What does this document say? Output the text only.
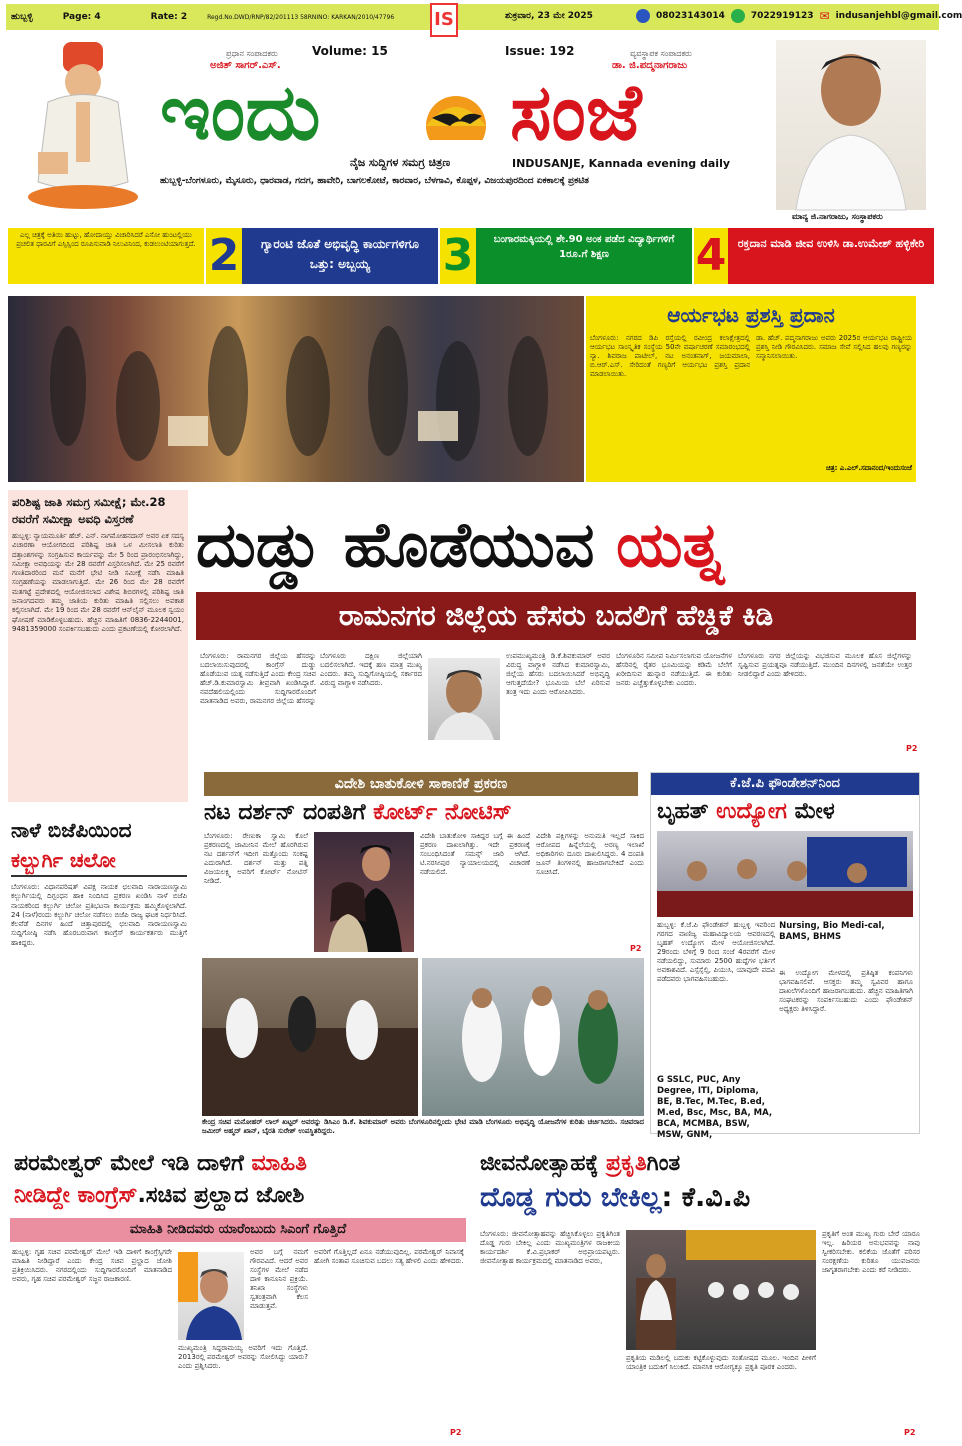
ಹುಬ್ಬಳ್ಳಿ	Page: 4	Rate: 2	Regd.No.DWD/RNP/82/201113 58RNINO: KARKAN/2010/47796 IS	ಶುಕ್ರವಾರ, 23 ಮೇ 2025	08023143014	7022919123 ✉ indusanjehbl@gmail.com
ಪ್ರಧಾನ ಸಂಪಾದಕರು
ಅಜಿತ್ ಸಾಗರ್.ಎಸ್.
Volume: 15	Issue: 192	ವ್ಯವಸ್ಥಾಪಕ ಸಂಪಾದಕರು
ಡಾ. ಜಿ.ಪದ್ಮನಾಗರಾಜು
ಇಂದು ಸಂಜೆ
ನೈಜ ಸುದ್ದಿಗಳ ಸಮಗ್ರ ಚಿತ್ರಣ	INDUSANJE, Kannada evening daily
ಹುಬ್ಬಳ್ಳಿ-ಬೆಂಗಳೂರು, ಮೈಸೂರು, ಧಾರವಾಡ, ಗದಗ, ಹಾವೇರಿ, ಬಾಗಲಕೋಟೆ, ಕಾರವಾರ, ಬೆಳಗಾವಿ, ಕೊಪ್ಪಳ, ವಿಜಯಪುರದಿಂದ ಏಕಕಾಲಕ್ಕೆ ಪ್ರಕಟಿತ
ಮಾನ್ಯ ಜಿ.ನಾಗರಾಜು, ಸಂಸ್ಥಾಪಕರು
ಎಲ್ಲ ಚಿತ್ರಕ್ಕೆ ಅತಿಯಿ ಹುಟ್ಟು, ಹೋದಾಯ್ತು ವಿಚಾರಿಸಿದರೆ ಎಸೋ ಹುಂಟಲ್ಲಿಯು ಪ್ರಚಲಿತ ಧಾರವಿಗೆ ಎಸ್ಸಿಸ್ಸಿಂದ ರೂಪಿಸುವಾಡಿ ನಿಲುವಿನಿಂದ, ಕುಡಲುಂಟಿಯಾಗುತ್ತದೆ. 2	ಗ್ಯಾರಂಟಿ ಜೊತೆ ಅಭಿವೃದ್ಧಿ ಕಾರ್ಯಗಳಿಗೂ ಒತ್ತು: ಅಬ್ಬಯ್ಯ	3	ಬಂಗಾರಮಕ್ಕಿಯಲ್ಲಿ ಶೇ.90 ಅಂಕ ಪಡೆದ ವಿದ್ಯಾರ್ಥಿಗಳಿಗೆ 1ರೂ.ಗೆ ಶಿಕ್ಷಣ	4	ರಕ್ತದಾನ ಮಾಡಿ ಜೀವ ಉಳಿಸಿ ಡಾ.ಉಮೇಶ್ ಹಳ್ಳಿಕೇರಿ
ಆರ್ಯಭಟ ಪ್ರಶಸ್ತಿ ಪ್ರದಾನ
ಬೆಂಗಳೂರು: ನಗರದ ಡಿಪಿ ರಸ್ತೆಯಲ್ಲಿ ರವೀಂದ್ರ ಕಲಾಕ್ಷೇತ್ರದಲ್ಲಿ ಆರ್ಯಭಟ ಸಾಂಸ್ಕೃತಿಕ ಸಂಸ್ಥೆಯ 50ನೇ ವರ್ಷಾಚರಣೆ ಸಮಾರಂಭದಲ್ಲಿ ನ್ಯಾ. ಶಿವರಾಜ ಪಾಟೀಲ್, ನಟ ಅನಂತನಾಗ್, ಜಯಮಾಲಾ, ಬಿ.ಆರ್.ಎಸ್. ಸೇರಿದಂತೆ ಗಣ್ಯರಿಗೆ ಆರ್ಯಭಟ ಪ್ರಶಸ್ತಿ ಪ್ರದಾನ ಮಾಡಲಾಯಿತು.
ಡಾ. ಹೆಚ್. ಪದ್ಮನಾಗರಾಜು ಅವರು 2025ರ ಆರ್ಯಭಟ ರಾಷ್ಟ್ರೀಯ ಪ್ರಶಸ್ತಿ ನೀಡಿ ಗೌರವಿಸಿದರು. ಸಮಾಜ ಸೇವೆ ಸಲ್ಲಿಸಿದ ಹಲವು ಗಣ್ಯರನ್ನು ಸನ್ಮಾನಿಸಲಾಯಿತು.
ಚಿತ್ರ: ಎ.ಎಲ್.ಸದಾನಂದ/ಇಂದುಸಂಜೆ
ಪರಿಶಿಷ್ಟ ಜಾತಿ ಸಮಗ್ರ ಸಮೀಕ್ಷೆ; ಮೇ.28 ರವರೆಗೆ ಸಮೀಕ್ಷಾ ಅವಧಿ ವಿಸ್ತರಣೆ
ಹುಬ್ಬಳ್ಳಿ: ನ್ಯಾಯಮೂರ್ತಿ ಹೆಚ್. ಎನ್. ನಾಗಮೋಹನದಾಸ್ ಅವರ ಏಕ ಸದಸ್ಯ ವಿಚಾರಣಾ ಆಯೋಗದಿಂದ ಪರಿಶಿಷ್ಟ ಜಾತಿ ಒಳ ಮೀಸಲಾತಿ ಕುರಿತು ದತ್ತಾಂಶಗಳನ್ನು ಸಂಗ್ರಹಿಸುವ ಕಾರ್ಯವನ್ನು ಮೇ 5 ರಿಂದ ಪ್ರಾರಂಭಿಸಲಾಗಿದ್ದು, ಸಮೀಕ್ಷಾ ಅವಧಿಯನ್ನು ಮೇ 28 ರವರೆಗೆ ವಿಸ್ತರಿಸಲಾಗಿದೆ. ಮೇ 25 ರವರೆಗೆ ಗಣತಿದಾರರಿಂದ ಮನೆ ಮನೆಗೆ ಭೇಟಿ ನೀಡಿ ಸಮೀಕ್ಷೆ ನಡೆಸಿ ಮಾಹಿತಿ ಸಂಗ್ರಹಣೆಯನ್ನು ಮಾಡಲಾಗುತ್ತಿದೆ. ಮೇ 26 ರಿಂದ ಮೇ 28 ರವರೆಗೆ ಮತಗಟ್ಟೆ ಪ್ರದೇಶದಲ್ಲಿ ಆಯೋಜಿಸಲಾದ ವಿಶೇಷ ಶಿಬಿರಗಳಲ್ಲಿ ಪರಿಶಿಷ್ಟ ಜಾತಿ ಜನಾಂಗದವರು ತಮ್ಮ ಜಾತಿಯ ಕುರಿತು ಮಾಹಿತಿ ಸಲ್ಲಿಸಲು ಅವಕಾಶ ಕಲ್ಪಿಸಲಾಗಿದೆ. ಮೇ 19 ರಿಂದ ಮೇ 28 ರವರೆಗೆ ಆನ್‌ಲೈನ್ ಮೂಲಕ ಸ್ವಯಂ ಘೋಷಣೆ ಮಾಡಿಕೊಳ್ಳಬಹುದು. ಹೆಚ್ಚಿನ ಮಾಹಿತಿಗೆ 0836-2244001, 9481359000 ಸಂಪರ್ಕಿಸಬಹುದು ಎಂದು ಪ್ರಕಟಣೆಯಲ್ಲಿ ಕೋರಲಾಗಿದೆ.
ನಾಳೆ ಬಿಜೆಪಿಯಿಂದ
ಕಲ್ಬುರ್ಗಿ ಚಲೋ
ಬೆಂಗಳೂರು: ವಿಧಾನಪರಿಷತ್ ವಿಪಕ್ಷ ನಾಯಕ ಛಲವಾದಿ ನಾರಾಯಣಸ್ವಾಮಿ ಕಲ್ಬುರ್ಗಿಯಲ್ಲಿ ದಿಗ್ಬಂಧನ ಹಾಕಿ ನಿಂದಿಸಿದ ಪ್ರಕರಣ ಖಂಡಿಸಿ ನಾಳೆ ಬಿಜೆಪಿ ನಾಯಕರಿಂದ ಕಲ್ಬುರ್ಗಿ ಚಲೋ ಪ್ರತಿಭಟನಾ ಕಾರ್ಯಕ್ರಮ ಹಮ್ಮಿಕೊಳ್ಳಲಾಗಿದೆ. 24 (ನಾಳೆ)ರಂದು ಕಲ್ಬುರ್ಗಿ ಚಲೋ ನಡೆಸಲು ಬಿಜೆಪಿ ರಾಜ್ಯ ಘಟಕ ನಿರ್ಧರಿಸಿದೆ. ಕೆಲವೆಡೆ ದಿನಗಳ ಹಿಂದೆ ಚಿತ್ತಾಪುರದಲ್ಲಿ ಛಲವಾದಿ ನಾರಾಯಣಸ್ವಾಮಿ ಸುದ್ದಿಗೋಷ್ಠಿ ನಡೆಸಿ ಹೊರಬರುವಾಗ ಕಾಂಗ್ರೆಸ್ ಕಾರ್ಯಕರ್ತರು ಮುತ್ತಿಗೆ ಹಾಕಿದ್ದರು.
ದುಡ್ಡು ಹೊಡೆಯುವ ಯತ್ನ
ರಾಮನಗರ ಜಿಲ್ಲೆಯ ಹೆಸರು ಬದಲಿಗೆ ಹೆಚ್ಡಿಕೆ ಕಿಡಿ
ಬೆಂಗಳೂರು: ರಾಮನಗರ ಜಿಲ್ಲೆಯ ಹೆಸರನ್ನು ಬದಲಾಯಿಸುವುದರಲ್ಲಿ ಕಾಂಗ್ರೆಸ್ ದುಡ್ಡು ಹೊಡೆಯುವ ಯತ್ನ ನಡೆಸುತ್ತಿದೆ ಎಂದು ಕೇಂದ್ರ ಸಚಿವ ಹೆಚ್.ಡಿ.ಕುಮಾರಸ್ವಾಮಿ ತೀವ್ರವಾಗಿ ಖಂಡಿಸಿದ್ದಾರೆ. ನವದೆಹಲಿಯಲ್ಲಿಂದು ಸುದ್ದಿಗಾರರೊಂದಿಗೆ ಮಾತನಾಡಿದ ಅವರು, ರಾಮನಗರ ಜಿಲ್ಲೆಯ ಹೆಸರನ್ನು
ಬೆಂಗಳೂರು ದಕ್ಷಿಣ ಜಿಲ್ಲೆಯಾಗಿ ಬದಲಿಸಲಾಗಿದೆ. ಇದಕ್ಕೆ ಹಣ ಮಾತ್ರ ಮುಖ್ಯ ಎಂದರು. ತಮ್ಮ ಸುದ್ದಿಗೋಷ್ಠಿಯಲ್ಲಿ ಸರ್ಕಾರದ ವಿರುದ್ಧ ವಾಗ್ದಾಳಿ ನಡೆಸಿದರು.
ಉಪಮುಖ್ಯಮಂತ್ರಿ ಡಿ.ಕೆ.ಶಿವಕುಮಾರ್ ಅವರ ವಿರುದ್ಧ ವಾಗ್ದಾಳಿ ನಡೆಸಿದ ಕುಮಾರಸ್ವಾಮಿ, ಜಿಲ್ಲೆಯ ಹೆಸರು ಬದಲಾಯಿಸಿದರೆ ಅಭಿವೃದ್ಧಿ ಆಗುತ್ತದೆಯೇ? ಭೂಮಿಯ ಬೆಲೆ ಏರಿಸುವ ತಂತ್ರ ಇದು ಎಂದು ಆರೋಪಿಸಿದರು.
ಬೆಂಗಳೂರಿನ ಸಮೀಪ ನಿರ್ಮಿಸಲಾಗುವ ಯೋಜನೆಗಳ ಹೆಸರಿನಲ್ಲಿ ರೈತರ ಭೂಮಿಯನ್ನು ಕಡಿಮೆ ಬೆಲೆಗೆ ಖರೀದಿಸುವ ಹುನ್ನಾರ ನಡೆಯುತ್ತಿದೆ. ಈ ಕುರಿತು ಜನರು ಎಚ್ಚೆತ್ತುಕೊಳ್ಳಬೇಕು ಎಂದರು.
ಬೆಂಗಳೂರು ನಗರ ಜಿಲ್ಲೆಯನ್ನು ವಿಭಜಿಸುವ ಮೂಲಕ ಹೊಸ ಜಿಲ್ಲೆಗಳನ್ನು ಸೃಷ್ಟಿಸುವ ಪ್ರಯತ್ನವೂ ನಡೆಯುತ್ತಿದೆ. ಮುಂದಿನ ದಿನಗಳಲ್ಲಿ ಜನತೆಯೇ ಉತ್ತರ ನೀಡಲಿದ್ದಾರೆ ಎಂದು ಹೇಳಿದರು.
P2
ವಿದೇಶಿ ಬಾತುಕೋಳಿ ಸಾಕಾಣಿಕೆ ಪ್ರಕರಣ
ನಟ ದರ್ಶನ್ ದಂಪತಿಗೆ ಕೋರ್ಟ್ ನೋಟಿಸ್
ಬೆಂಗಳೂರು: ರೇಣುಕಾ ಸ್ವಾಮಿ ಕೊಲೆ ಪ್ರಕರಣದಲ್ಲಿ ಜಾಮೀನಿನ ಮೇಲೆ ಹೊರಗಿರುವ ನಟ ದರ್ಶನ್‌ಗೆ ಇದೀಗ ಮತ್ತೊಂದು ಸಂಕಷ್ಟ ಎದುರಾಗಿದೆ. ದರ್ಶನ್ ಮತ್ತು ಪತ್ನಿ ವಿಜಯಲಕ್ಷ್ಮಿ ಅವರಿಗೆ ಕೋರ್ಟ್ ನೋಟಿಸ್ ನೀಡಿದೆ.
ವಿದೇಶಿ ಬಾತುಕೋಳಿ ಸಾಕಿದ್ದರ ಬಗ್ಗೆ ಈ ಹಿಂದೆ ಪ್ರಕರಣ ದಾಖಲಾಗಿತ್ತು. ಇದೇ ಪ್ರಕರಣಕ್ಕೆ ಸಂಬಂಧಿಸಿದಂತೆ ಸಮನ್ಸ್ ಜಾರಿ ಆಗಿದೆ. ಟಿ.ನರಸೀಪುರ ನ್ಯಾಯಾಲಯದಲ್ಲಿ ವಿಚಾರಣೆ ನಡೆಯಲಿದೆ.
ವಿದೇಶಿ ಪಕ್ಷಿಗಳನ್ನು ಅನುಮತಿ ಇಲ್ಲದೆ ಸಾಕಿದ ಆರೋಪದ ಹಿನ್ನೆಲೆಯಲ್ಲಿ ಅರಣ್ಯ ಇಲಾಖೆ ಅಧಿಕಾರಿಗಳು ದೂರು ದಾಖಲಿಸಿದ್ದರು. 4 ದಂಪತಿ ಜೂನ್ ತಿಂಗಳಿನಲ್ಲಿ ಹಾಜರಾಗಬೇಕಿದೆ ಎಂದು ಸೂಚಿಸಿದೆ.
P2
ಕೇಂದ್ರ ಸಚಿವ ಮನೋಹರ್ ಲಾಲ್ ಖಟ್ಟರ್ ಅವರನ್ನು ಡಿಸಿಎಂ ಡಿ.ಕೆ. ಶಿವಕುಮಾರ್ ಅವರು ಬೆಂಗಳೂರಿನಲ್ಲಿಂದು ಭೇಟಿ ಮಾಡಿ ಬೆಂಗಳೂರು ಅಭಿವೃದ್ಧಿ ಯೋಜನೆಗಳ ಕುರಿತು ಚರ್ಚಿಸಿದರು. ಸಚಿವರಾದ ಜಮೀರ್ ಅಹ್ಮದ್ ಖಾನ್, ಬೈರತಿ ಸುರೇಶ್ ಉಪಸ್ಥಿತರಿದ್ದರು.
ಕೆ.ಜೆ.ಪಿ ಫೌಂಡೇಶನ್‌ನಿಂದ
ಬೃಹತ್ ಉದ್ಯೋಗ ಮೇಳ
ಹುಬ್ಬಳ್ಳಿ: ಕೆ.ಜೆ.ಪಿ ಫೌಂಡೇಶನ್ ಹುಬ್ಬಳ್ಳಿ ಇವರಿಂದ ಗರಗದ ವಾಣಿಜ್ಯ ಮಹಾವಿದ್ಯಾಲಯ ಆವರಣದಲ್ಲಿ ಬೃಹತ್ ಉದ್ಯೋಗ ಮೇಳ ಆಯೋಜಿಸಲಾಗಿದೆ. 29ರಂದು ಬೆಳಿಗ್ಗೆ 9 ರಿಂದ ಸಂಜೆ 4ರವರೆಗೆ ಮೇಳ ನಡೆಯಲಿದ್ದು, ಸುಮಾರು 2500 ಹುದ್ದೆಗಳ ಭರ್ತಿಗೆ ಅವಕಾಶವಿದೆ. ಎಸ್ಸೆಸ್ಸೆಲ್ಸಿ, ಪಿಯುಸಿ, ಯಾವುದೇ ಪದವಿ ಪಡೆದವರು ಭಾಗವಹಿಸಬಹುದು.
Nursing, Bio Medi-cal, BAMS, BHMS
ಈ ಉದ್ಯೋಗ ಮೇಳದಲ್ಲಿ ಪ್ರತಿಷ್ಠಿತ ಕಂಪನಿಗಳು ಭಾಗವಹಿಸಲಿವೆ. ಆಸಕ್ತರು ತಮ್ಮ ಸ್ವವಿವರ ಹಾಗೂ ದಾಖಲೆಗಳೊಂದಿಗೆ ಹಾಜರಾಗಬಹುದು. ಹೆಚ್ಚಿನ ಮಾಹಿತಿಗಾಗಿ ಸಂಘಟಕರನ್ನು ಸಂಪರ್ಕಿಸಬಹುದು ಎಂದು ಫೌಂಡೇಶನ್ ಅಧ್ಯಕ್ಷರು ತಿಳಿಸಿದ್ದಾರೆ.
G SSLC, PUC, Any Degree, ITI, Diploma, BE, B.Tec, M.Tec, B.ed, M.ed, Bsc, Msc, BA, MA, BCA, MCMBA, BSW, MSW, GNM,
ಪರಮೇಶ್ವರ್ ಮೇಲೆ ಇಡಿ ದಾಳಿಗೆ ಮಾಹಿತಿ
ನೀಡಿದ್ದೇ ಕಾಂಗ್ರೆಸ್.ಸಚಿವ ಪ್ರಲ್ಹಾದ ಜೋಶಿ
ಮಾಹಿತಿ ನೀಡಿದವರು ಯಾರೆಂಬುದು ಸಿಎಂಗೆ ಗೊತ್ತಿದೆ
ಹುಬ್ಬಳ್ಳಿ: ಗೃಹ ಸಚಿವ ಪರಮೇಶ್ವರ್ ಮೇಲೆ ಇಡಿ ದಾಳಿಗೆ ಕಾಂಗ್ರೆಸ್ಸಿಗರೇ ಮಾಹಿತಿ ನೀಡಿದ್ದಾರೆ ಎಂದು ಕೇಂದ್ರ ಸಚಿವ ಪ್ರಲ್ಹಾದ ಜೋಶಿ ಪ್ರತಿಕ್ರಿಯಿಸಿದರು. ನಗರದಲ್ಲಿಂದು ಸುದ್ದಿಗಾರರೊಂದಿಗೆ ಮಾತನಾಡಿದ ಅವರು, ಗೃಹ ಸಚಿವ ಪರಮೇಶ್ವರ್ ಸಜ್ಜನ ರಾಜಕಾರಣಿ.
ಅವರ ಬಗ್ಗೆ ನಮಗೆ ಗೌರವವಿದೆ. ಆದರೆ ಅವರ ಸಂಸ್ಥೆಗಳ ಮೇಲೆ ನಡೆದ ದಾಳಿ ಕಾನೂನಿನ ಪ್ರಕ್ರಿಯೆ. ತನಿಖಾ ಸಂಸ್ಥೆಗಳು ಸ್ವತಂತ್ರವಾಗಿ ಕೆಲಸ ಮಾಡುತ್ತವೆ.
ಮುಖ್ಯಮಂತ್ರಿ ಸಿದ್ದರಾಮಯ್ಯ ಅವರಿಗೆ ಇದು ಗೊತ್ತಿದೆ. 2013ರಲ್ಲಿ ಪರಮೇಶ್ವರ್ ಅವರನ್ನು ಸೋಲಿಸಿದ್ದು ಯಾರು? ಎಂದು ಪ್ರಶ್ನಿಸಿದರು.
ಅವರಿಗೆ ಗೊತ್ತಿಲ್ಲದೆ ಏನೂ ನಡೆಯುವುದಿಲ್ಲ. ಪರಮೇಶ್ವರ್ ನಿವಾಸಕ್ಕೆ ಹೋಗಿ ಸಂತಾಪ ಸೂಚಿಸುವ ಬದಲು ಸತ್ಯ ಹೇಳಲಿ ಎಂದು ಹೇಳಿದರು.
P2
ಜೀವನೋತ್ಸಾಹಕ್ಕೆ ಪ್ರಕೃತಿಗಿಂತ
ದೊಡ್ಡ ಗುರು ಬೇಕಿಲ್ಲ: ಕೆ.ವಿ.ಪಿ
ಬೆಂಗಳೂರು: ಜೀವನೋತ್ಸಾಹವನ್ನು ಹೆಚ್ಚಿಸಿಕೊಳ್ಳಲು ಪ್ರಕೃತಿಗಿಂತ ದೊಡ್ಡ ಗುರು ಬೇಕಿಲ್ಲ ಎಂದು ಮುಖ್ಯಮಂತ್ರಿಗಳ ರಾಜಕೀಯ ಕಾರ್ಯದರ್ಶಿ ಕೆ.ವಿ.ಪ್ರಭಾಕರ್ ಅಭಿಪ್ರಾಯಪಟ್ಟರು. ಜೀವನೋತ್ಸಾಹ ಕಾರ್ಯಕ್ರಮದಲ್ಲಿ ಮಾತನಾಡಿದ ಅವರು,
ಪ್ರಕೃತಿಯ ಮಡಿಲಲ್ಲಿ ಬದುಕು ಕಟ್ಟಿಕೊಳ್ಳುವುದು ಸಂತೋಷದ ಮೂಲ. ಇಂದಿನ ಪೀಳಿಗೆ ಯಾಂತ್ರಿಕ ಬದುಕಿಗೆ ಸಿಲುಕಿದೆ. ಮಾನಸಿಕ ಆರೋಗ್ಯಕ್ಕೂ ಪ್ರಕೃತಿ ಪೂರಕ ಎಂದರು.
ಪ್ರಕೃತಿಗೆ ಅಂತ ಮುಖ್ಯ ಗುರು ಬೇರೆ ಯಾರೂ ಇಲ್ಲ. ಹಿರಿಯರ ಅನುಭವವನ್ನು ನಾವು ಸ್ವೀಕರಿಸಬೇಕು. ಕಲಿಕೆಯ ಜೊತೆಗೆ ಪರಿಸರ ಸಂರಕ್ಷಣೆಯ ಕುರಿತೂ ಯುವಜನರು ಜಾಗೃತರಾಗಬೇಕು ಎಂದು ಕರೆ ನೀಡಿದರು.
P2
